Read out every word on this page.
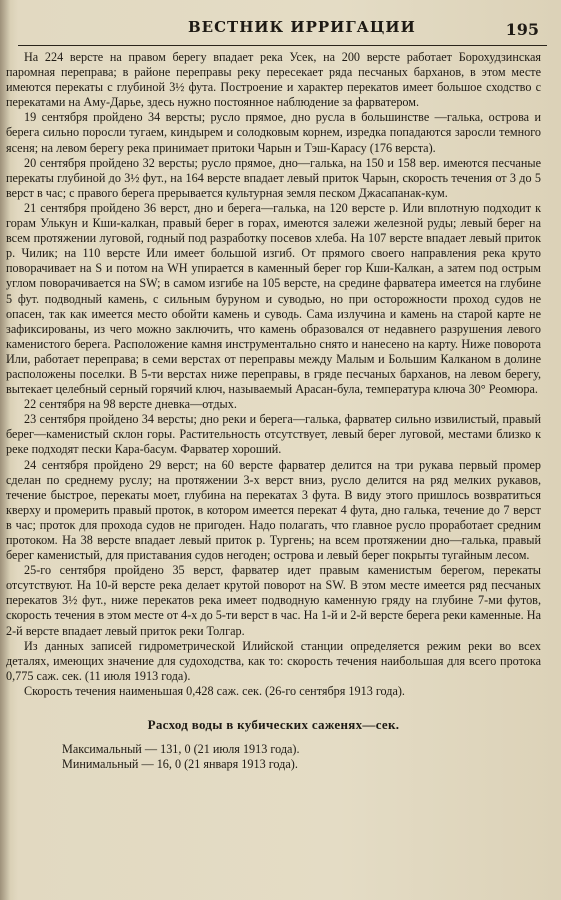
ВЕСТНИК ИРРИГАЦИИ	195

На 224 версте на правом берегу впадает река Усек, на 200 версте работает Борохудзинская паромная переправа; в районе переправы реку пересекает ряда песчаных барханов, в этом месте имеются перекаты с глубиной 3½ фута. Построение и характер перекатов имеет большое сходство с перекатами на Аму-Дарье, здесь нужно постоянное наблюдение за фарватером.

19 сентября пройдено 34 версты; русло прямое, дно русла в большинстве —галька, острова и берега сильно поросли тугаем, киндырем и солодковым корнем, изредка попадаются заросли темного ясеня; на левом берегу река принимает притоки Чарын и Тэш-Карасу (176 верста).

20 сентября пройдено 32 версты; русло прямое, дно—галька, на 150 и 158 вер. имеются песчаные перекаты глубиной до 3½ фут., на 164 версте впадает левый приток Чарын, скорость течения от 3 до 5 верст в час; с правого берега прерывается культурная земля песком Джасапанак-кум.

21 сентября пройдено 36 верст, дно и берега—галька, на 120 версте р. Или вплотную подходит к горам Улькун и Кши-калкан, правый берег в горах, имеются залежи железной руды; левый берег на всем протяжении луговой, годный под разработку посевов хлеба. На 107 версте впадает левый приток р. Чилик; на 110 версте Или имеет большой изгиб. От прямого своего направления река круто поворачивает на S и потом на WH упирается в каменный берег гор Кши-Калкан, а затем под острым углом поворачивается на SW; в самом изгибе на 105 версте, на средине фарватера имеется на глубине 5 фут. подводный камень, с сильным буруном и суводью, но при осторожности проход судов не опасен, так как имеется место обойти камень и суводь. Сама излучина и камень на старой карте не зафиксированы, из чего можно заключить, что камень образовался от недавнего разрушения левого каменистого берега. Расположение камня инструментально снято и нанесено на карту. Ниже поворота Или, работает переправа; в семи верстах от переправы между Малым и Большим Калканом в долине расположены поселки. В 5-ти верстах ниже переправы, в гряде песчаных барханов, на левом берегу, вытекает целебный серный горячий ключ, называемый Арасан-була, температура ключа 30° Реомюра.

22 сентября на 98 версте дневка—отдых.

23 сентября пройдено 34 версты; дно реки и берега—галька, фарватер сильно извилистый, правый берег—каменистый склон горы. Растительность отсутствует, левый берег луговой, местами близко к реке подходят пески Кара-басум. Фарватер хороший.

24 сентября пройдено 29 верст; на 60 версте фарватер делится на три рукава первый промер сделан по среднему руслу; на протяжении 3-х верст вниз, русло делится на ряд мелких рукавов, течение быстрое, перекаты моет, глубина на перекатах 3 фута. В виду этого пришлось возвратиться кверху и промерить правый проток, в котором имеется перекат 4 фута, дно галька, течение до 7 верст в час; проток для прохода судов не пригоден. Надо полагать, что главное русло проработает средним протоком. На 38 версте впадает левый приток р. Тургень; на всем протяжении дно—галька, правый берег каменистый, для приставания судов негоден; острова и левый берег покрыты тугайным лесом.

25-го сентября пройдено 35 верст, фарватер идет правым каменистым берегом, перекаты отсутствуют. На 10-й версте река делает крутой поворот на SW. В этом месте имеется ряд песчаных перекатов 3½ фут., ниже перекатов река имеет подводную каменную гряду на глубине 7-ми футов, скорость течения в этом месте от 4-х до 5-ти верст в час. На 1-й и 2-й версте берега реки каменные. На 2-й версте впадает левый приток реки Толгар.

Из данных записей гидрометрической Илийской станции определяется режим реки во всех деталях, имеющих значение для судоходства, как то: скорость течения наибольшая для всего протока 0,775 саж. сек. (11 июля 1913 года).

Скорость течения наименьшая 0,428 саж. сек. (26-го сентября 1913 года).

Расход воды в кубических саженях—сек.
Максимальный — 131, 0 (21 июля 1913 года).
Минимальный — 16, 0 (21 января 1913 года).
